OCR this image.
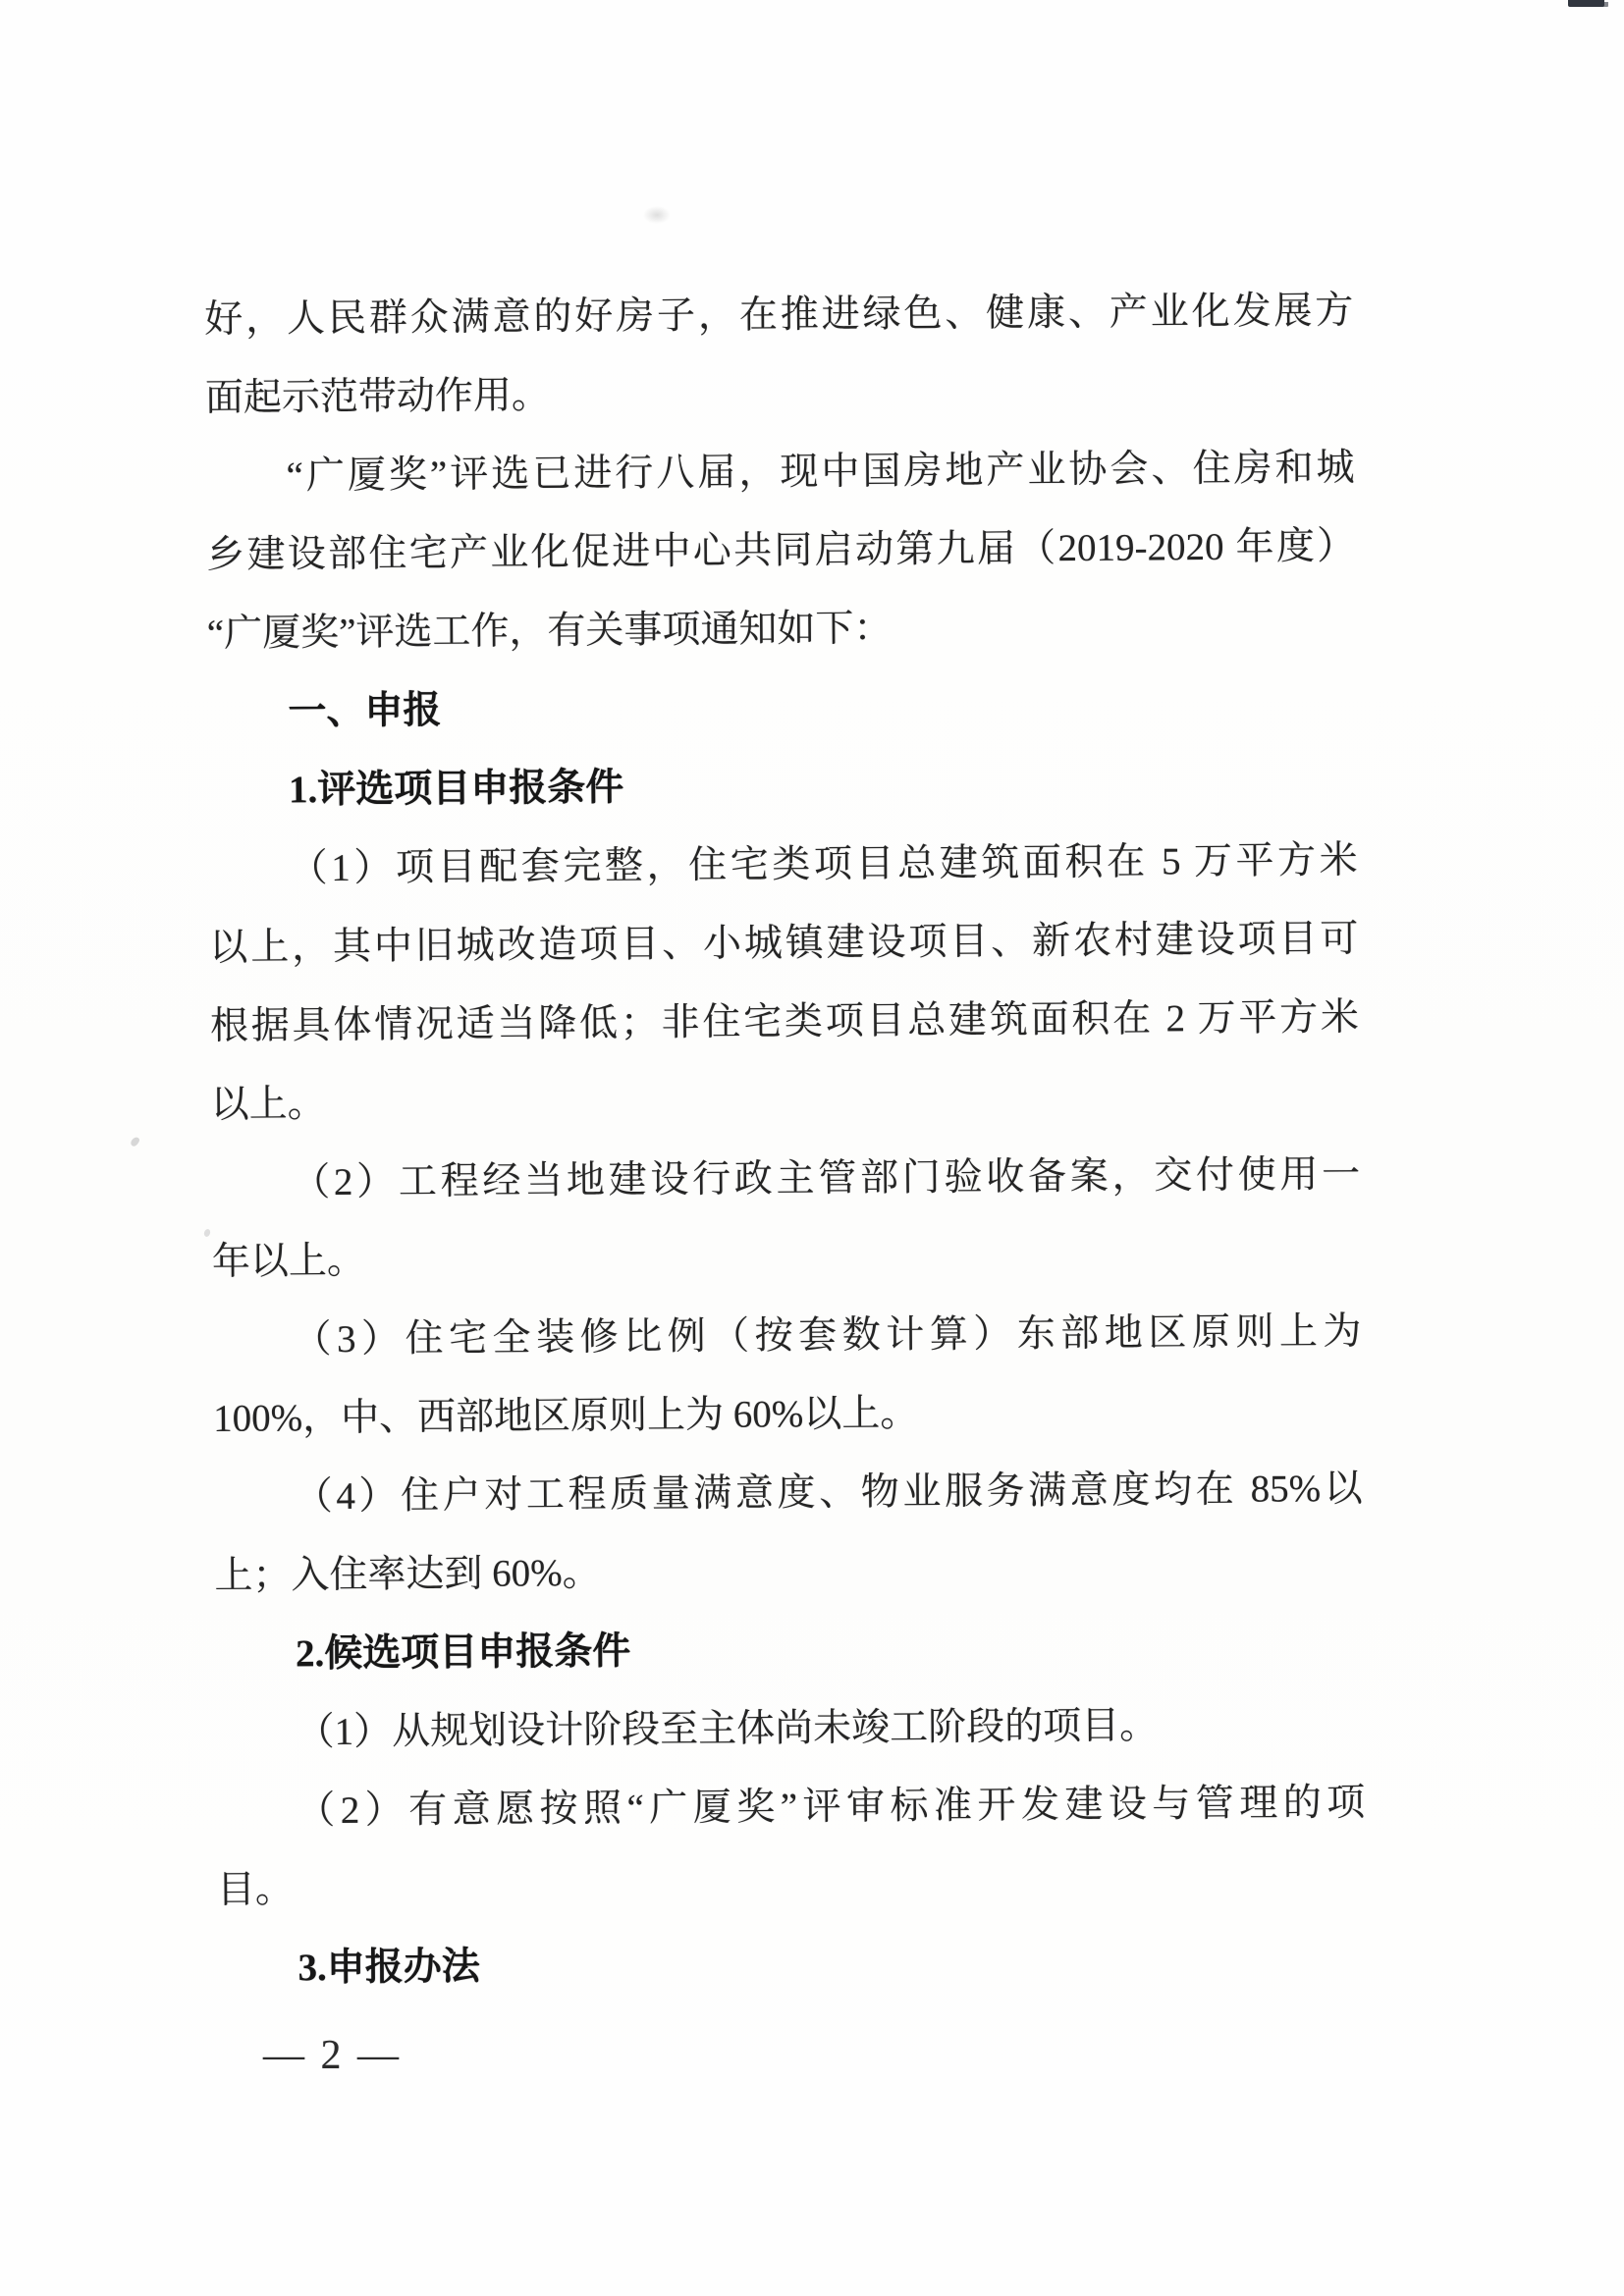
好，人民群众满意的好房子，在推进绿色、健康、产业化发展方
面起示范带动作用。
“广厦奖”评选已进行八届，现中国房地产业协会、住房和城
乡建设部住宅产业化促进中心共同启动第九届（2019-2020 年度）
“广厦奖”评选工作，有关事项通知如下：
一、申报
1.评选项目申报条件
（1）项目配套完整，住宅类项目总建筑面积在 5 万平方米
以上，其中旧城改造项目、小城镇建设项目、新农村建设项目可
根据具体情况适当降低；非住宅类项目总建筑面积在 2 万平方米
以上。
（2）工程经当地建设行政主管部门验收备案，交付使用一
年以上。
（3）住宅全装修比例（按套数计算）东部地区原则上为
100%，中、西部地区原则上为 60%以上。
（4）住户对工程质量满意度、物业服务满意度均在 85%以
上；入住率达到 60%。
2.候选项目申报条件
（1）从规划设计阶段至主体尚未竣工阶段的项目。
（2）有意愿按照“广厦奖”评审标准开发建设与管理的项
目。
3.申报办法
— 2 —
